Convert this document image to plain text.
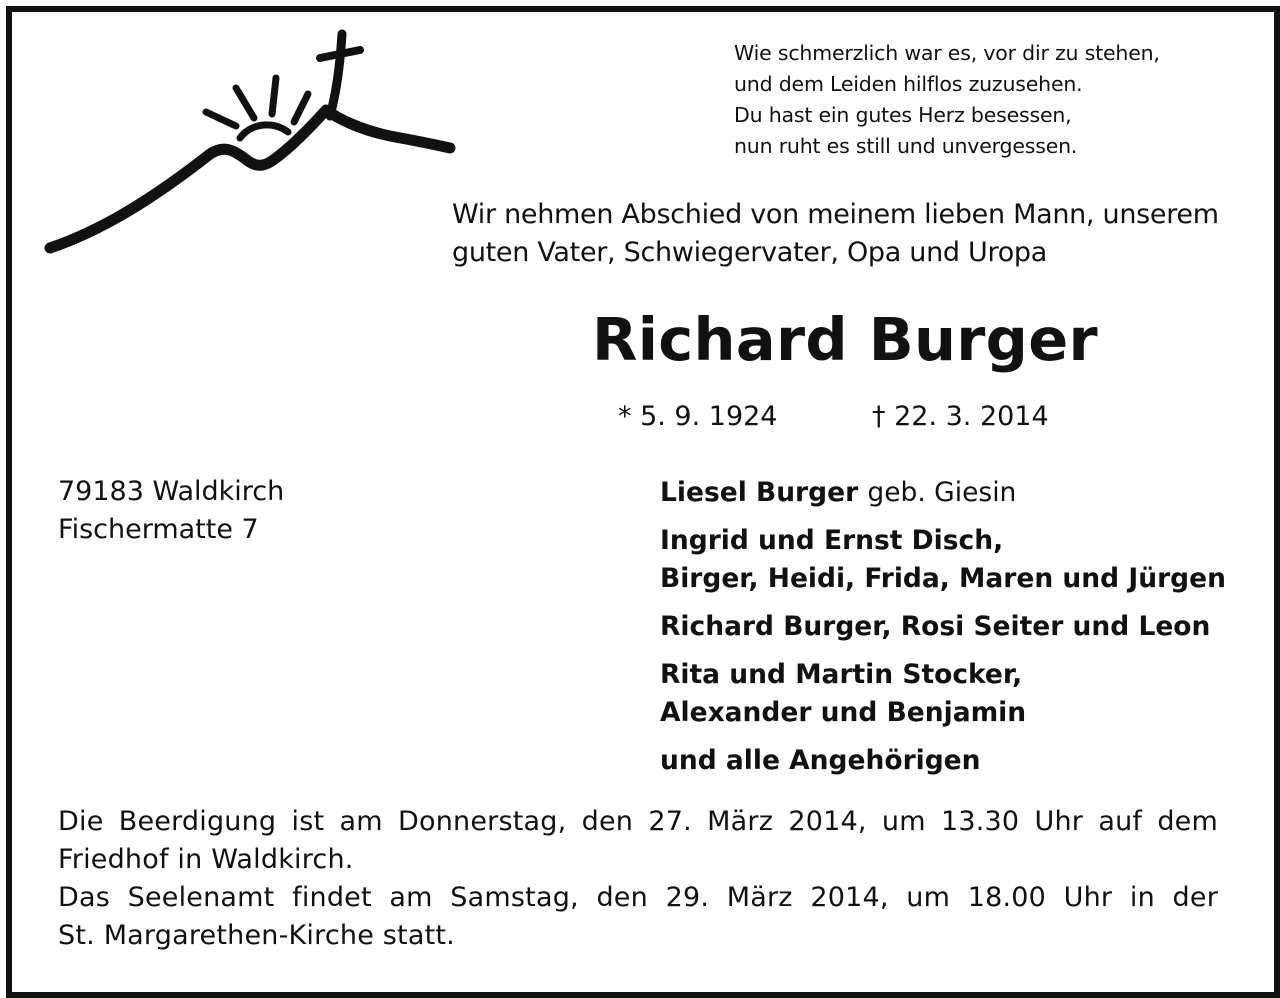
Wie schmerzlich war es, vor dir zu stehen,
und dem Leiden hilflos zuzusehen.
Du hast ein gutes Herz besessen,
nun ruht es still und unvergessen.
Wir nehmen Abschied von meinem lieben Mann, unserem
guten Vater, Schwiegervater, Opa und Uropa
Richard Burger
* 5. 9. 1924	† 22. 3. 2014
79183 Waldkirch
Fischermatte 7
Liesel Burger geb. Giesin
Ingrid und Ernst Disch,
Birger, Heidi, Frida, Maren und Jürgen
Richard Burger, Rosi Seiter und Leon
Rita und Martin Stocker,
Alexander und Benjamin
und alle Angehörigen
Die Beerdigung ist am Donnerstag, den 27. März 2014, um 13.30 Uhr auf dem
Friedhof in Waldkirch.
Das Seelenamt findet am Samstag, den 29. März 2014, um 18.00 Uhr in der
St. Margarethen-Kirche statt.
